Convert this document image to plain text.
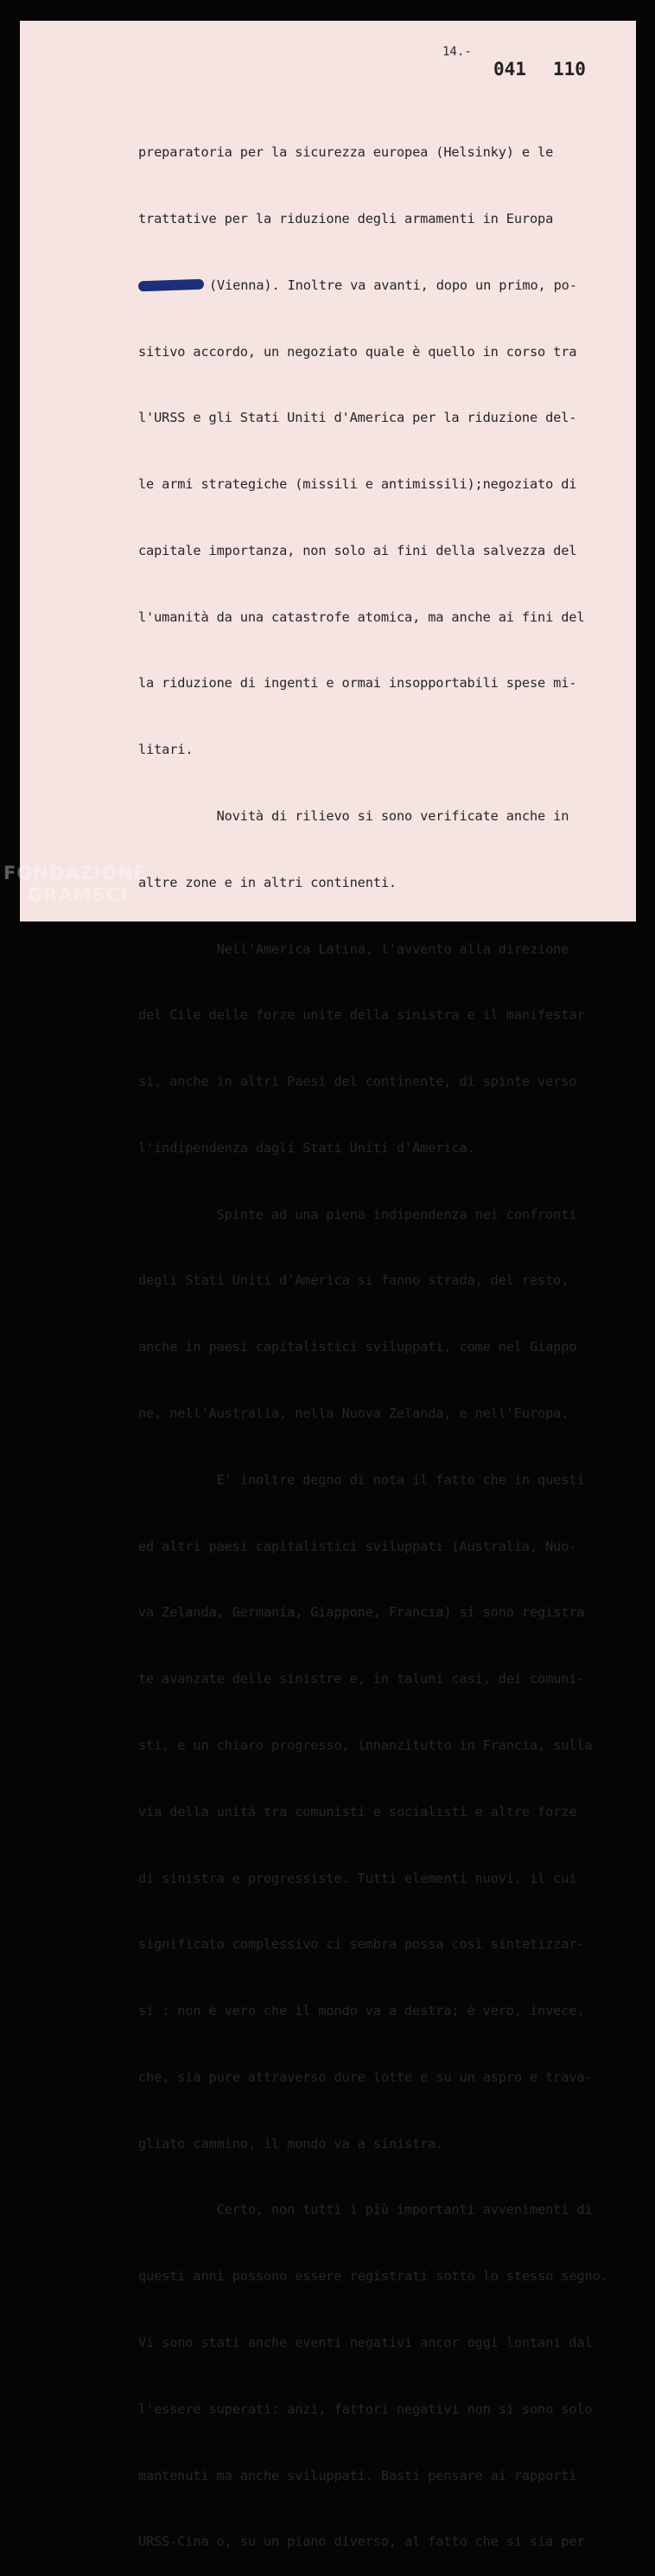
14.-
041 110

preparatoria per la sicurezza europea (Helsinky) e le

trattative per la riduzione degli armamenti in Europa

(Vienna). Inoltre va avanti, dopo un primo, po-

sitivo accordo, un negoziato quale è quello in corso tra

l'URSS e gli Stati Uniti d'America per la riduzione del-

le armi strategiche (missili e antimissili);negoziato di

capitale importanza, non solo ai fini della salvezza del

l'umanità da una catastrofe atomica, ma anche ai fini del

la riduzione di ingenti e ormai insopportabili spese mi-

litari.

Novità di rilievo si sono verificate anche in

altre zone e in altri continenti.

Nell'America Latina, l'avvento alla direzione

del Cile delle forze unite della sinistra e il manifestar

si, anche in altri Paesi del continente, di spinte verso

l'indipendenza dagli Stati Uniti d'America.

Spinte ad una piena indipendenza nei confronti

degli Stati Uniti d'America si fanno strada, del resto,

anche in paesi capitalistici sviluppati, come nel Giappo

ne, nell'Australia, nella Nuova Zelanda, e nell'Europa.

E' inoltre degno di nota il fatto che in questi

ed altri paesi capitalistici sviluppati (Australia, Nuo-

va Zelanda, Germania, Giappone, Francia) si sono registra

te avanzate delle sinistre e, in taluni casi, dei comuni-

sti, e un chiaro progresso, innanzitutto in Francia, sulla

via della unità tra comunisti e socialisti e altre forze

di sinistra e progressiste. Tutti elementi nuovi, il cui

significato complessivo ci sembra possa così sintetizzar-

si : non è vero che il mondo va a destra; è vero, invece,

che, sia pure attraverso dure lotte e su un aspro e trava-

gliato cammino, il mondo va a sinistra.

Certo, non tutti i più importanti avvenimenti di

questi anni possono essere registrati sotto lo stesso segno.

Vi sono stati anche eventi negativi ancor oggi lontani dal

l'essere superati: anzi, fattori negativi non si sono solo

mantenuti ma anche sviluppati. Basti pensare ai rapporti

URSS-Cina o, su un piano diverso, al fatto che si sia per

FONDAZIONE
GRAMSCI onlus
